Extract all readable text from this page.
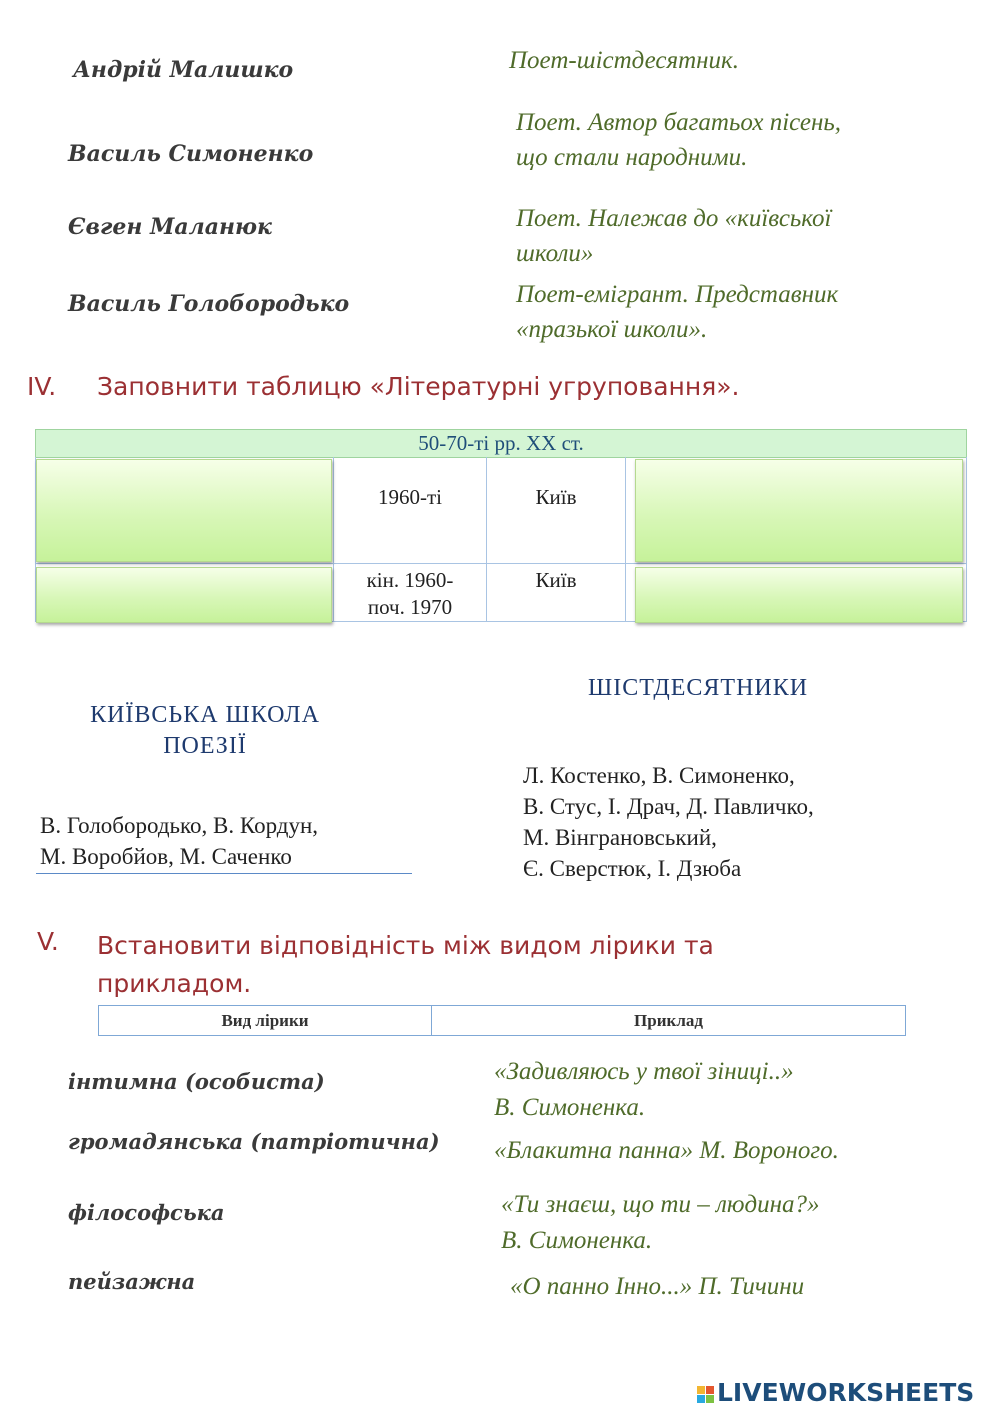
Андрій Малишко
Василь Симоненко
Євген Маланюк
Василь Голобородько
Поет-шістдесятник.
Поет. Автор багатьох пісень,
що стали народними.
Поет. Належав до «київської
школи»
Поет-емігрант. Представник
«празької школи».
IV. Заповнити таблицю «Літературні угруповання».
50-70-ті рр. XX ст.
1960-ті	Київ
кін. 1960-
поч. 1970
Київ
КИЇВСЬКА ШКОЛА
ПОЕЗІЇ
В. Голобородько, В. Кордун,
М. Воробйов, М. Саченко
ШІСТДЕСЯТНИКИ
Л. Костенко, В. Симоненко,
В. Стус, І. Драч, Д. Павличко,
М. Вінграновський,
Є. Сверстюк, І. Дзюба
V. Встановити відповідність між видом лірики та
прикладом.
Вид лірики	Приклад
інтимна (особиста)
громадянська (патріотична)
філософська
пейзажна
«Задивляюсь у твої зіниці..»
В. Симоненка.
«Блакитна панна» М. Вороного.
«Ти знаєш, що ти – людина?»
В. Симоненка.
«О панно Інно...» П. Тичини
LIVEWORKSHEETS
